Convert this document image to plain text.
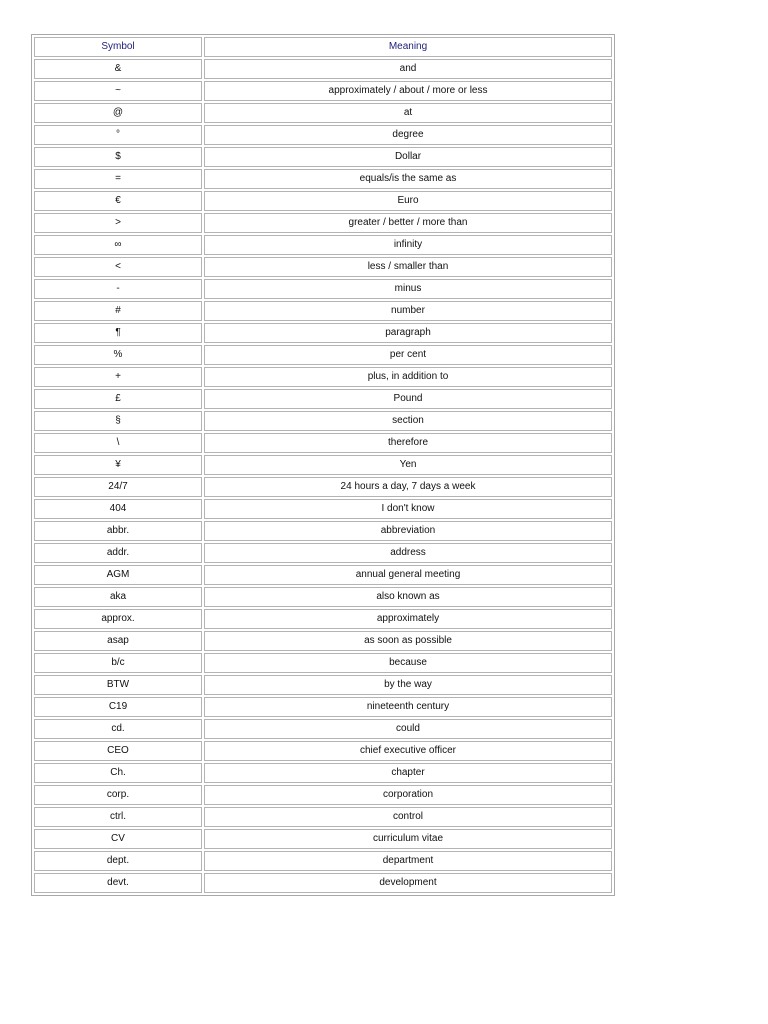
Symbol	Meaning
&	and
~	approximately / about / more or less
@	at
°	degree
$	Dollar
=	equals/is the same as
€	Euro
>	greater / better / more than
∞	infinity
<	less / smaller than
-	minus
#	number
¶	paragraph
%	per cent
+	plus, in addition to
£	Pound
§	section
\	therefore
¥	Yen
24/7	24 hours a day, 7 days a week
404	I don't know
abbr.	abbreviation
addr.	address
AGM	annual general meeting
aka	also known as
approx.	approximately
asap	as soon as possible
b/c	because
BTW	by the way
C19	nineteenth century
cd.	could
CEO	chief executive officer
Ch.	chapter
corp.	corporation
ctrl.	control
CV	curriculum vitae
dept.	department
devt.	development
